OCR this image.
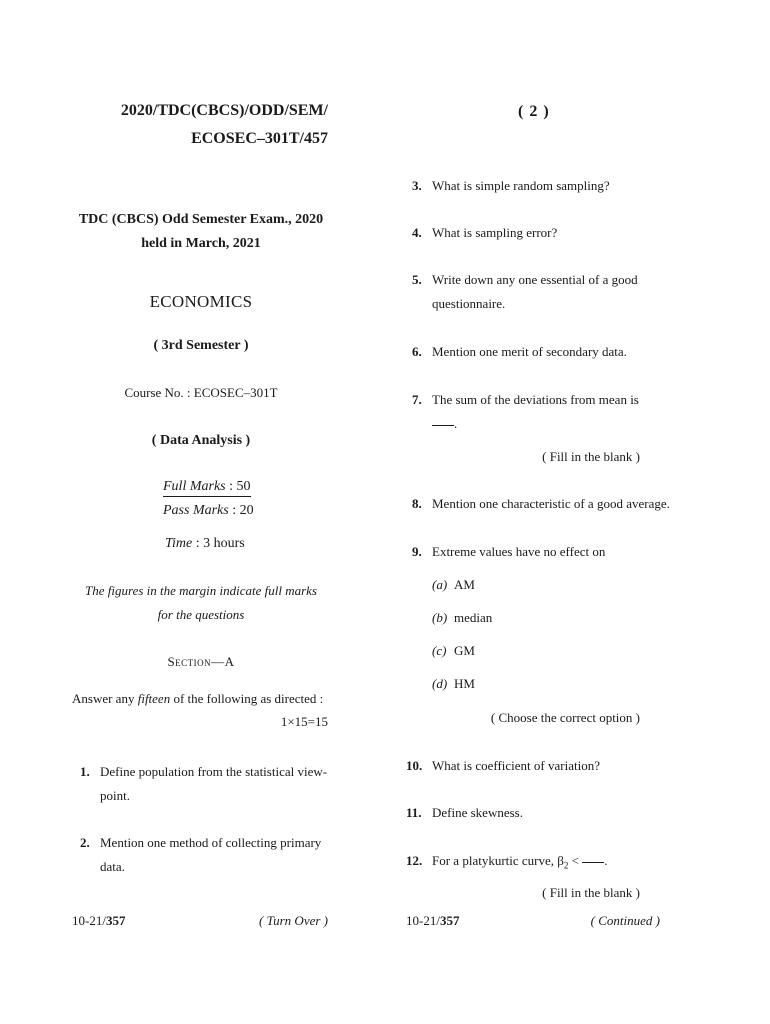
2020/TDC(CBCS)/ODD/SEM/
ECOSEC–301T/457
TDC (CBCS) Odd Semester Exam., 2020
held in March, 2021
ECONOMICS
( 3rd Semester )
Course No. : ECOSEC–301T
( Data Analysis )
Full Marks : 50
Pass Marks : 20
Time : 3 hours
The figures in the margin indicate full marks
for the questions
Section—A
Answer any fifteen of the following as directed :
1×15=15
1. Define population from the statistical view-
point.
2. Mention one method of collecting primary
data.
10-21/357	( Turn Over )
( 2 )
3. What is simple random sampling?
4. What is sampling error?
5. Write down any one essential of a good
questionnaire.
6. Mention one merit of secondary data.
7. The sum of the deviations from mean is
.
( Fill in the blank )
8. Mention one characteristic of a good average.
9. Extreme values have no effect on
(a) AM
(b) median
(c) GM
(d) HM
( Choose the correct option )
10. What is coefficient of variation?
11. Define skewness.
12. For a platykurtic curve, $\beta_2$ < .
( Fill in the blank )
10-21/357	( Continued )
